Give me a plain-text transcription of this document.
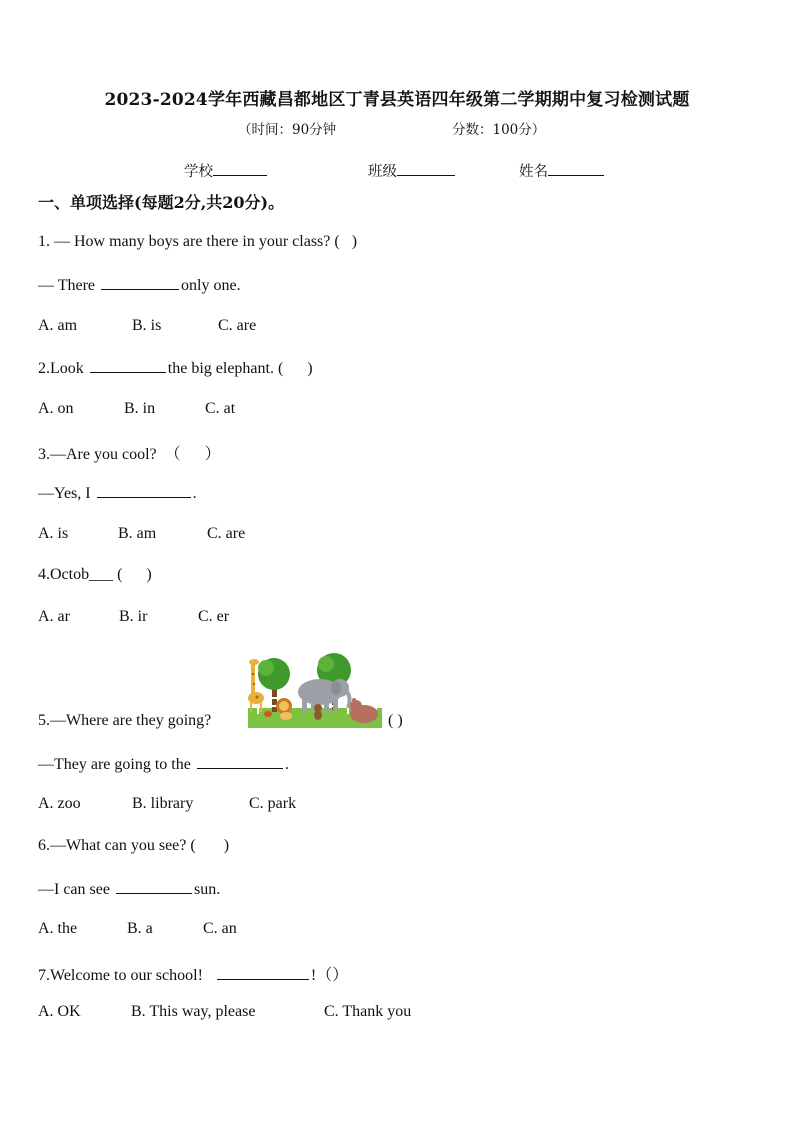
2023-2024学年西藏昌都地区丁青县英语四年级第二学期期中复习检测试题
（时间：90分钟	分数：100分）
学校	班级	姓名
一、单项选择(每题2分,共20分)。
1. — How many boys are there in your class? (   )
— There	only one.
A. am	B. is	C. are
2.Look	the big elephant. (      )
A. on	B. in	C. at
3.—Are you cool?  （      ）
—Yes, I	.
A. is	B. am	C. are
4.Octob___ (      )
A. ar	B. ir	C. er
5.—Where are they going?	( )
—They are going to the	.
A. zoo	B. library	C. park
6.—What can you see? (       )
—I can see	sun.
A. the	B. a	C. an
7.Welcome to our school!	!（）
A. OK	B. This way, please	C. Thank you
